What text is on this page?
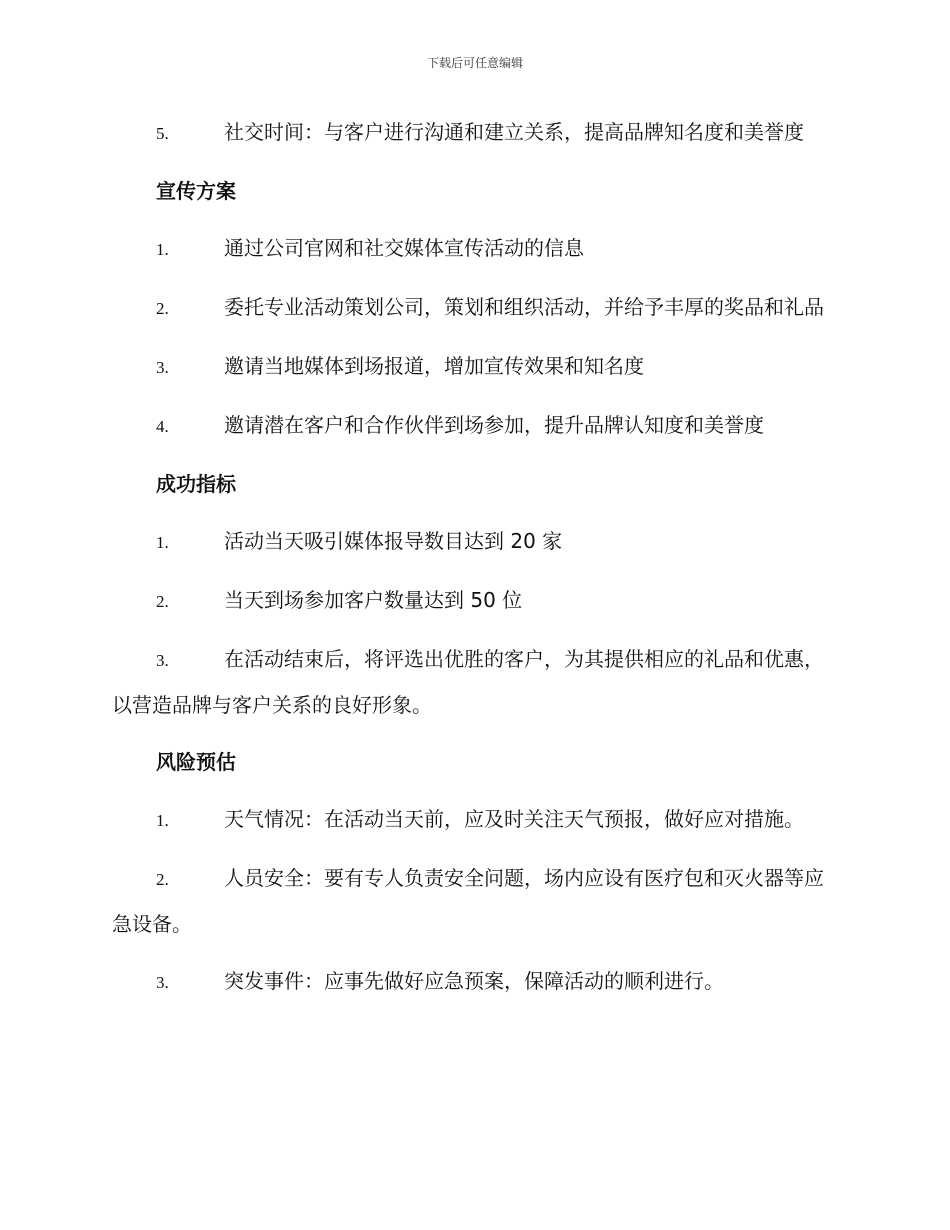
下载后可任意编辑

5.	社交时间：与客户进行沟通和建立关系，提高品牌知名度和美誉度

宣传方案

1.	通过公司官网和社交媒体宣传活动的信息

2.	委托专业活动策划公司，策划和组织活动，并给予丰厚的奖品和礼品

3.	邀请当地媒体到场报道，增加宣传效果和知名度

4.	邀请潜在客户和合作伙伴到场参加，提升品牌认知度和美誉度

成功指标

1.	活动当天吸引媒体报导数目达到 20 家

2.	当天到场参加客户数量达到 50 位

3.	在活动结束后，将评选出优胜的客户，为其提供相应的礼品和优惠，以营造品牌与客户关系的良好形象。

风险预估

1.	天气情况：在活动当天前，应及时关注天气预报，做好应对措施。

2.	人员安全：要有专人负责安全问题，场内应设有医疗包和灭火器等应急设备。

3.	突发事件：应事先做好应急预案，保障活动的顺利进行。
